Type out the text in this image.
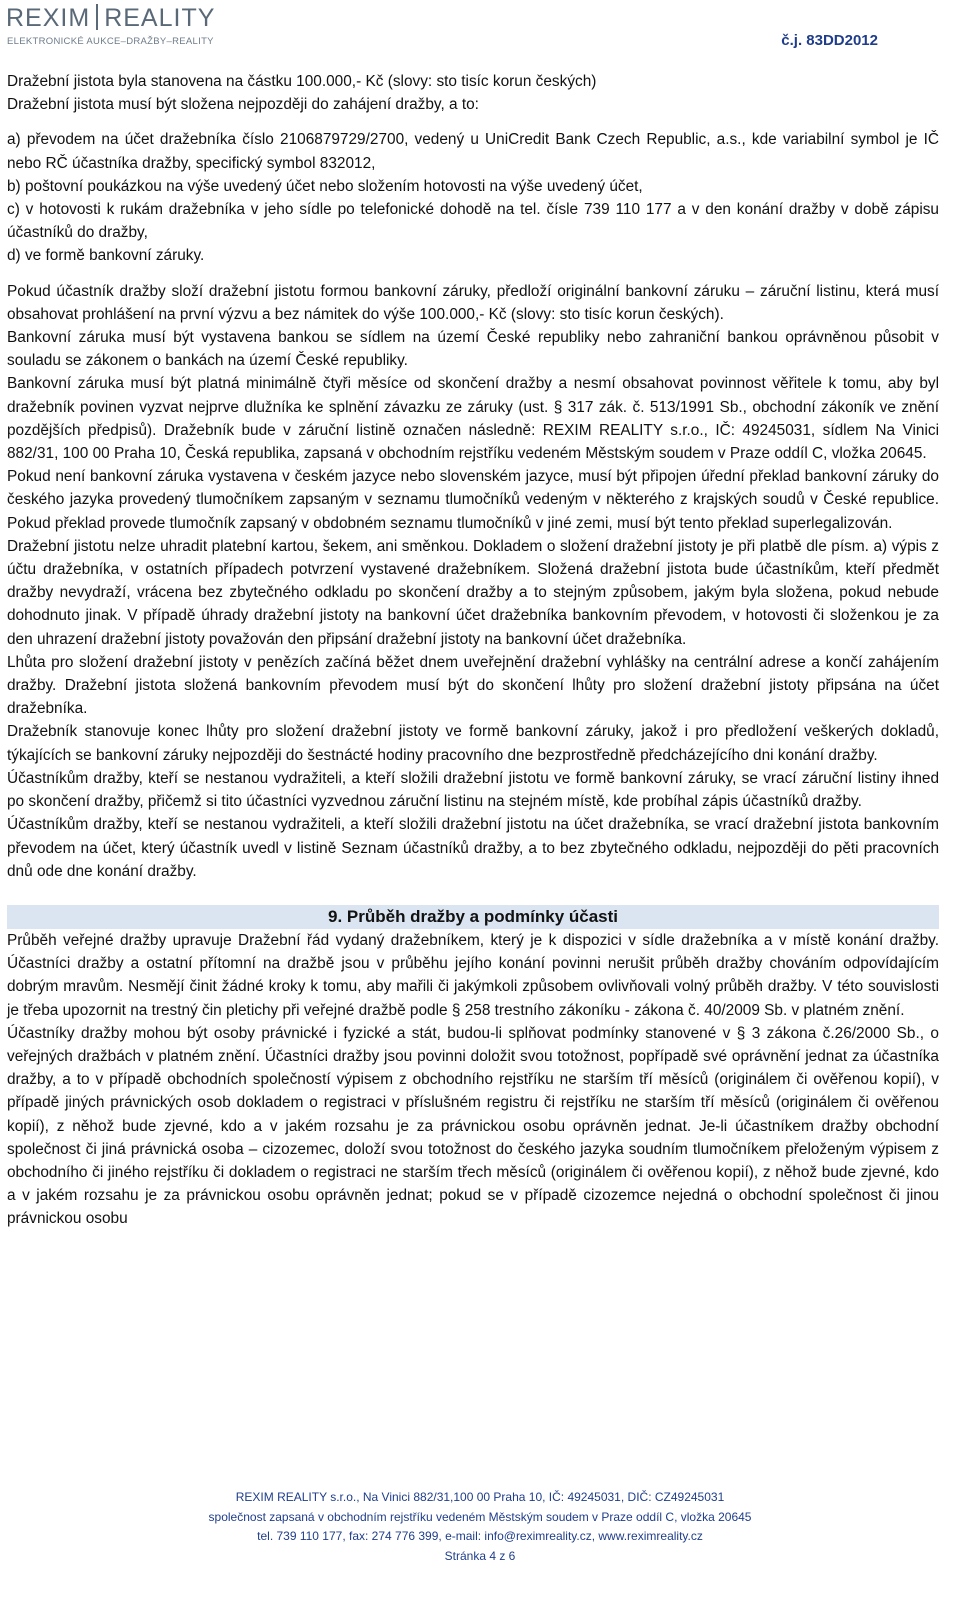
REXIM REALITY
ELEKTRONICKÉ AUKCE–DRAŽBY–REALITY	č.j. 83DD2012

Dražební jistota byla stanovena na částku 100.000,- Kč (slovy: sto tisíc korun českých)

Dražební jistota musí být složena nejpozději do zahájení dražby, a to:

a) převodem na účet dražebníka číslo 2106879729/2700, vedený u UniCredit Bank Czech Republic, a.s., kde variabilní symbol je IČ nebo RČ účastníka dražby, specifický symbol 832012,

b) poštovní poukázkou na výše uvedený účet nebo složením hotovosti na výše uvedený účet,

c) v hotovosti k rukám dražebníka v jeho sídle po telefonické dohodě na tel. čísle 739 110 177 a v den konání dražby v době zápisu účastníků do dražby,

d) ve formě bankovní záruky.

Pokud účastník dražby složí dražební jistotu formou bankovní záruky, předloží originální bankovní záruku – záruční listinu, která musí obsahovat prohlášení na první výzvu a bez námitek do výše 100.000,- Kč (slovy: sto tisíc korun českých).

Bankovní záruka musí být vystavena bankou se sídlem na území České republiky nebo zahraniční bankou oprávněnou působit v souladu se zákonem o bankách na území České republiky.

Bankovní záruka musí být platná minimálně čtyři měsíce od skončení dražby a nesmí obsahovat povinnost věřitele k tomu, aby byl dražebník povinen vyzvat nejprve dlužníka ke splnění závazku ze záruky (ust. § 317 zák. č. 513/1991 Sb., obchodní zákoník ve znění pozdějších předpisů). Dražebník bude v záruční listině označen následně: REXIM REALITY s.r.o., IČ: 49245031, sídlem Na Vinici 882/31, 100 00 Praha 10, Česká republika, zapsaná v obchodním rejstříku vedeném Městským soudem v Praze oddíl C, vložka 20645.

Pokud není bankovní záruka vystavena v českém jazyce nebo slovenském jazyce, musí být připojen úřední překlad bankovní záruky do českého jazyka provedený tlumočníkem zapsaným v seznamu tlumočníků vedeným v některého z krajských soudů v České republice. Pokud překlad provede tlumočník zapsaný v obdobném seznamu tlumočníků v jiné zemi, musí být tento překlad superlegalizován.

Dražební jistotu nelze uhradit platební kartou, šekem, ani směnkou. Dokladem o složení dražební jistoty je při platbě dle písm. a) výpis z účtu dražebníka, v ostatních případech potvrzení vystavené dražebníkem. Složená dražební jistota bude účastníkům, kteří předmět dražby nevydraží, vrácena bez zbytečného odkladu po skončení dražby a to stejným způsobem, jakým byla složena, pokud nebude dohodnuto jinak. V případě úhrady dražební jistoty na bankovní účet dražebníka bankovním převodem, v hotovosti či složenkou je za den uhrazení dražební jistoty považován den připsání dražební jistoty na bankovní účet dražebníka.

Lhůta pro složení dražební jistoty v penězích začíná běžet dnem uveřejnění dražební vyhlášky na centrální adrese a končí zahájením dražby. Dražební jistota složená bankovním převodem musí být do skončení lhůty pro složení dražební jistoty připsána na účet dražebníka.

Dražebník stanovuje konec lhůty pro složení dražební jistoty ve formě bankovní záruky, jakož i pro předložení veškerých dokladů, týkajících se bankovní záruky nejpozději do šestnácté hodiny pracovního dne bezprostředně předcházejícího dni konání dražby.

Účastníkům dražby, kteří se nestanou vydražiteli, a kteří složili dražební jistotu ve formě bankovní záruky, se vrací záruční listiny ihned po skončení dražby, přičemž si tito účastníci vyzvednou záruční listinu na stejném místě, kde probíhal zápis účastníků dražby.

Účastníkům dražby, kteří se nestanou vydražiteli, a kteří složili dražební jistotu na účet dražebníka, se vrací dražební jistota bankovním převodem na účet, který účastník uvedl v listině Seznam účastníků dražby, a to bez zbytečného odkladu, nejpozději do pěti pracovních dnů ode dne konání dražby.

9. Průběh dražby a podmínky účasti

Průběh veřejné dražby upravuje Dražební řád vydaný dražebníkem, který je k dispozici v sídle dražebníka a v místě konání dražby. Účastníci dražby a ostatní přítomní na dražbě jsou v průběhu jejího konání povinni nerušit průběh dražby chováním odpovídajícím dobrým mravům. Nesmějí činit žádné kroky k tomu, aby mařili či jakýmkoli způsobem ovlivňovali volný průběh dražby. V této souvislosti je třeba upozornit na trestný čin pletichy při veřejné dražbě podle § 258 trestního zákoníku - zákona č. 40/2009 Sb. v platném znění.

Účastníky dražby mohou být osoby právnické i fyzické a stát, budou-li splňovat podmínky stanovené v § 3 zákona č.26/2000 Sb., o veřejných dražbách v platném znění. Účastníci dražby jsou povinni doložit svou totožnost, popřípadě své oprávnění jednat za účastníka dražby, a to v případě obchodních společností výpisem z obchodního rejstříku ne starším tří měsíců (originálem či ověřenou kopií), v případě jiných právnických osob dokladem o registraci v příslušném registru či rejstříku ne starším tří měsíců (originálem či ověřenou kopií), z něhož bude zjevné, kdo a v jakém rozsahu je za právnickou osobu oprávněn jednat. Je-li účastníkem dražby obchodní společnost či jiná právnická osoba – cizozemec, doloží svou totožnost do českého jazyka soudním tlumočníkem přeloženým výpisem z obchodního či jiného rejstříku či dokladem o registraci ne starším třech měsíců (originálem či ověřenou kopií), z něhož bude zjevné, kdo a v jakém rozsahu je za právnickou osobu oprávněn jednat; pokud se v případě cizozemce nejedná o obchodní společnost či jinou právnickou osobu

REXIM REALITY s.r.o., Na Vinici 882/31,100 00 Praha 10, IČ: 49245031, DIČ: CZ49245031
společnost zapsaná v obchodním rejstříku vedeném Městským soudem v Praze oddíl C, vložka 20645
tel. 739 110 177, fax: 274 776 399, e-mail: info@reximreality.cz, www.reximreality.cz
Stránka 4 z 6
